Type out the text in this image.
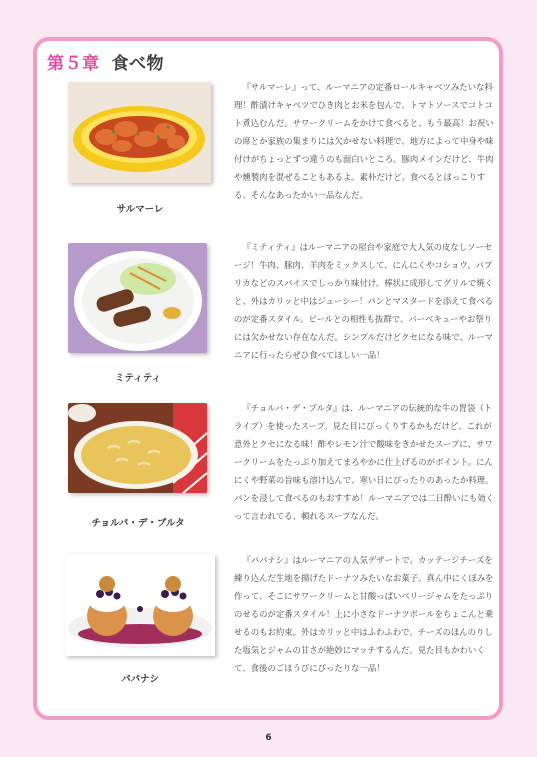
第５章 食べ物
サルマーレ

『サルマーレ』って、ルーマニアの定番ロールキャベツみたいな料理！酢漬けキャベツでひき肉とお米を包んで、トマトソースでコトコト煮込むんだ。サワークリームをかけて食べると、もう最高！お祝いの席とか家族の集まりには欠かせない料理で、地方によって中身や味付けがちょっとずつ違うのも面白いところ。豚肉メインだけど、牛肉や燻製肉を混ぜることもあるよ。素朴だけど、食べるとほっこりする、そんなあったかい一品なんだ。

ミティティ

『ミティティ』はルーマニアの屋台や家庭で大人気の皮なしソーセージ！牛肉、豚肉、羊肉をミックスして、にんにくやコショウ、パプリカなどのスパイスでしっかり味付け。棒状に成形してグリルで焼くと、外はカリッと中はジューシー！パンとマスタードを添えて食べるのが定番スタイル。ビールとの相性も抜群で、バーベキューやお祭りには欠かせない存在なんだ。シンプルだけどクセになる味で、ルーマニアに行ったらぜひ食べてほしい一品！

チョルバ・デ・ブルタ

『チョルバ・デ・ブルタ』は、ルーマニアの伝統的な牛の胃袋（トライプ）を使ったスープ。見た目にびっくりするかもだけど、これが意外とクセになる味！酢やレモン汁で酸味をきかせたスープに、サワークリームをたっぷり加えてまろやかに仕上げるのがポイント。にんにくや野菜の旨味も溶け込んで、寒い日にぴったりのあったか料理。パンを浸して食べるのもおすすめ！ルーマニアでは二日酔いにも効くって言われてる、頼れるスープなんだ。

パパナシ

『パパナシ』はルーマニアの人気デザートで、カッテージチーズを練り込んだ生地を揚げたドーナツみたいなお菓子。真ん中にくぼみを作って、そこにサワークリームと甘酸っぱいベリージャムをたっぷりのせるのが定番スタイル！上に小さなドーナツボールをちょこんと乗せるのもお約束。外はカリッと中はふわふわで、チーズのほんのりした塩気とジャムの甘さが絶妙にマッチするんだ。見た目もかわいくて、食後のごほうびにぴったりな一品！

6
